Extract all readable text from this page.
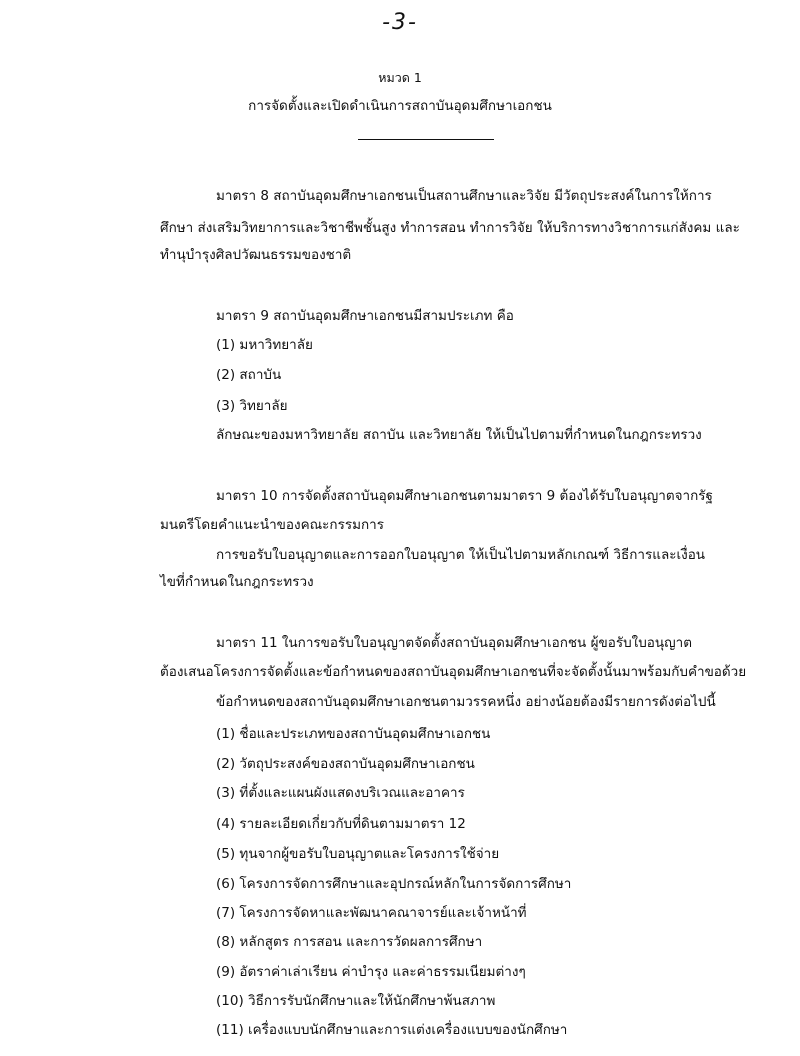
-3-
หมวด 1
การจัดตั้งและเปิดดำเนินการสถาบันอุดมศึกษาเอกชน
มาตรา 8 สถาบันอุดมศึกษาเอกชนเป็นสถานศึกษาและวิจัย มีวัตถุประสงค์ในการให้การ
ศึกษา ส่งเสริมวิทยาการและวิชาชีพชั้นสูง ทำการสอน ทำการวิจัย ให้บริการทางวิชาการแก่สังคม และ
ทำนุบำรุงศิลปวัฒนธรรมของชาติ
มาตรา 9 สถาบันอุดมศึกษาเอกชนมีสามประเภท คือ
(1) มหาวิทยาลัย
(2) สถาบัน
(3) วิทยาลัย
ลักษณะของมหาวิทยาลัย สถาบัน และวิทยาลัย ให้เป็นไปตามที่กำหนดในกฎกระทรวง
มาตรา 10 การจัดตั้งสถาบันอุดมศึกษาเอกชนตามมาตรา 9 ต้องได้รับใบอนุญาตจากรัฐ
มนตรีโดยคำแนะนำของคณะกรรมการ
การขอรับใบอนุญาตและการออกใบอนุญาต ให้เป็นไปตามหลักเกณฑ์ วิธีการและเงื่อน
ไขที่กำหนดในกฎกระทรวง
มาตรา 11 ในการขอรับใบอนุญาตจัดตั้งสถาบันอุดมศึกษาเอกชน ผู้ขอรับใบอนุญาต
ต้องเสนอโครงการจัดตั้งและข้อกำหนดของสถาบันอุดมศึกษาเอกชนที่จะจัดตั้งนั้นมาพร้อมกับคำขอด้วย
ข้อกำหนดของสถาบันอุดมศึกษาเอกชนตามวรรคหนึ่ง อย่างน้อยต้องมีรายการดังต่อไปนี้
(1) ชื่อและประเภทของสถาบันอุดมศึกษาเอกชน
(2) วัตถุประสงค์ของสถาบันอุดมศึกษาเอกชน
(3) ที่ตั้งและแผนผังแสดงบริเวณและอาคาร
(4) รายละเอียดเกี่ยวกับที่ดินตามมาตรา 12
(5) ทุนจากผู้ขอรับใบอนุญาตและโครงการใช้จ่าย
(6) โครงการจัดการศึกษาและอุปกรณ์หลักในการจัดการศึกษา
(7) โครงการจัดหาและพัฒนาคณาจารย์และเจ้าหน้าที่
(8) หลักสูตร การสอน และการวัดผลการศึกษา
(9) อัตราค่าเล่าเรียน ค่าบำรุง และค่าธรรมเนียมต่างๆ
(10) วิธีการรับนักศึกษาและให้นักศึกษาพ้นสภาพ
(11) เครื่องแบบนักศึกษาและการแต่งเครื่องแบบของนักศึกษา
